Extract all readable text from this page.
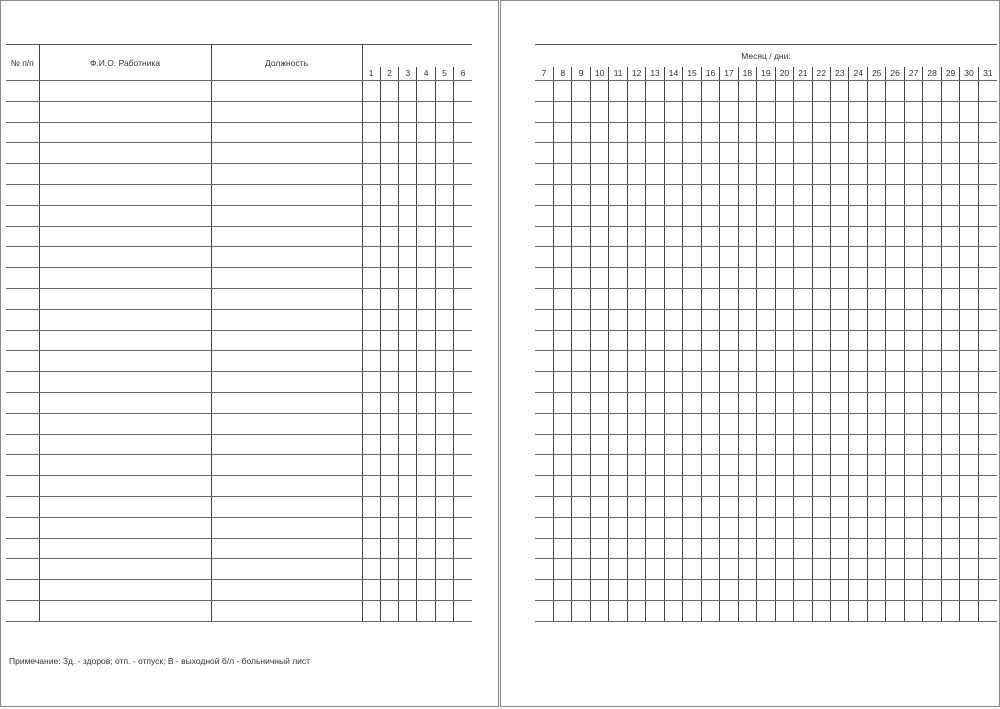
№ п/п	Ф.И.О. Работника	Должность						
			1	2	3	4	5	6

Примечание: Зд. - здоров; отп. - отпуск; В - выходной б/л - больничный лист
Месяц / дни:																								
7	8	9	10	11	12	13	14	15	16	17	18	19	20	21	22	23	24	25	26	27	28	29	30	31
